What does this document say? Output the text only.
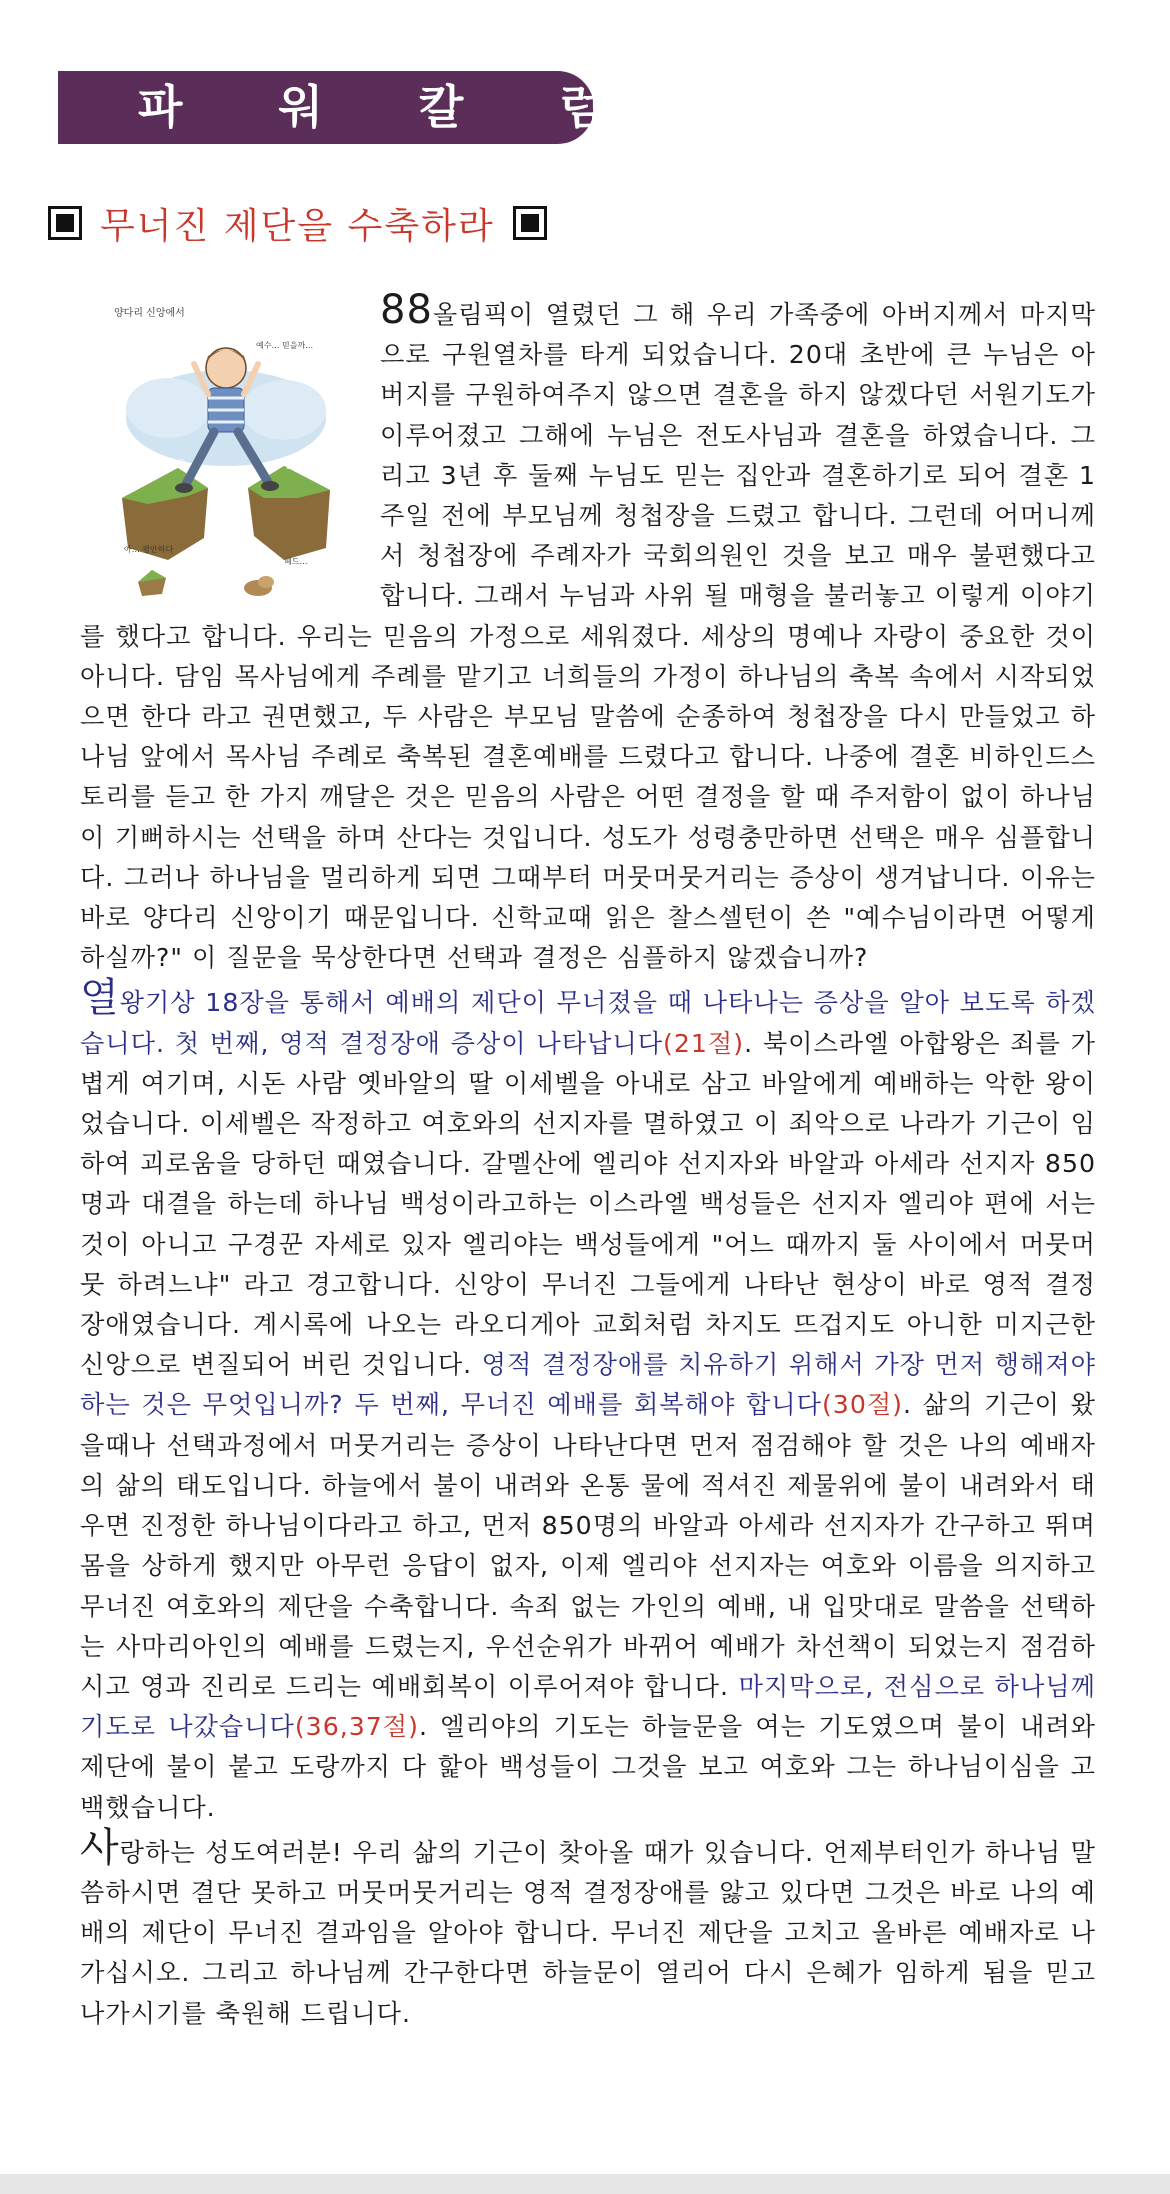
파 워 칼 럼
무너진 제단을 수축하라
양다리 신앙에서
예수… 믿을까…
믿음	죄
아… 평안하다
헤드…

88올림픽이 열렸던 그 해 우리 가족중에 아버지께서 마지막으로 구원열차를 타게 되었습니다. 20대 초반에 큰 누님은 아버지를 구원하여주지 않으면 결혼을 하지 않겠다던 서원기도가 이루어졌고 그해에 누님은 전도사님과 결혼을 하였습니다. 그리고 3년 후 둘째 누님도 믿는 집안과 결혼하기로 되어 결혼 1주일 전에 부모님께 청첩장을 드렸고 합니다. 그런데 어머니께서 청첩장에 주례자가 국회의원인 것을 보고 매우 불편했다고 합니다. 그래서 누님과 사위 될 매형을 불러놓고 이렇게 이야기를 했다고 합니다. 우리는 믿음의 가정으로 세워졌다. 세상의 명예나 자랑이 중요한 것이 아니다. 담임 목사님에게 주례를 맡기고 너희들의 가정이 하나님의 축복 속에서 시작되었으면 한다 라고 권면했고, 두 사람은 부모님 말씀에 순종하여 청첩장을 다시 만들었고 하나님 앞에서 목사님 주례로 축복된 결혼예배를 드렸다고 합니다. 나중에 결혼 비하인드스토리를 듣고 한 가지 깨달은 것은 믿음의 사람은 어떤 결정을 할 때 주저함이 없이 하나님이 기뻐하시는 선택을 하며 산다는 것입니다. 성도가 성령충만하면 선택은 매우 심플합니다. 그러나 하나님을 멀리하게 되면 그때부터 머뭇머뭇거리는 증상이 생겨납니다. 이유는 바로 양다리 신앙이기 때문입니다. 신학교때 읽은 찰스셀턴이 쓴 "예수님이라면 어떻게 하실까?" 이 질문을 묵상한다면 선택과 결정은 심플하지 않겠습니까?

열왕기상 18장을 통해서 예배의 제단이 무너졌을 때 나타나는 증상을 알아 보도록 하겠습니다. 첫 번째, 영적 결정장애 증상이 나타납니다(21절). 북이스라엘 아합왕은 죄를 가볍게 여기며, 시돈 사람 옛바알의 딸 이세벨을 아내로 삼고 바알에게 예배하는 악한 왕이었습니다. 이세벨은 작정하고 여호와의 선지자를 멸하였고 이 죄악으로 나라가 기근이 임하여 괴로움을 당하던 때였습니다. 갈멜산에 엘리야 선지자와 바알과 아세라 선지자 850명과 대결을 하는데 하나님 백성이라고하는 이스라엘 백성들은 선지자 엘리야 편에 서는 것이 아니고 구경꾼 자세로 있자 엘리야는 백성들에게 "어느 때까지 둘 사이에서 머뭇머뭇 하려느냐" 라고 경고합니다. 신앙이 무너진 그들에게 나타난 현상이 바로 영적 결정 장애였습니다. 계시록에 나오는 라오디게아 교회처럼 차지도 뜨겁지도 아니한 미지근한 신앙으로 변질되어 버린 것입니다. 영적 결정장애를 치유하기 위해서 가장 먼저 행해져야 하는 것은 무엇입니까? 두 번째, 무너진 예배를 회복해야 합니다(30절). 삶의 기근이 왔을때나 선택과정에서 머뭇거리는 증상이 나타난다면 먼저 점검해야 할 것은 나의 예배자의 삶의 태도입니다. 하늘에서 불이 내려와 온통 물에 적셔진 제물위에 불이 내려와서 태우면 진정한 하나님이다라고 하고, 먼저 850명의 바알과 아세라 선지자가 간구하고 뛰며 몸을 상하게 했지만 아무런 응답이 없자, 이제 엘리야 선지자는 여호와 이름을 의지하고 무너진 여호와의 제단을 수축합니다. 속죄 없는 가인의 예배, 내 입맛대로 말씀을 선택하는 사마리아인의 예배를 드렸는지, 우선순위가 바뀌어 예배가 차선책이 되었는지 점검하시고 영과 진리로 드리는 예배회복이 이루어져야 합니다. 마지막으로, 전심으로 하나님께 기도로 나갔습니다(36,37절). 엘리야의 기도는 하늘문을 여는 기도였으며 불이 내려와 제단에 불이 붙고 도랑까지 다 핥아 백성들이 그것을 보고 여호와 그는 하나님이심을 고백했습니다.

사랑하는 성도여러분! 우리 삶의 기근이 찾아올 때가 있습니다. 언제부터인가 하나님 말씀하시면 결단 못하고 머뭇머뭇거리는 영적 결정장애를 앓고 있다면 그것은 바로 나의 예배의 제단이 무너진 결과임을 알아야 합니다. 무너진 제단을 고치고 올바른 예배자로 나가십시오. 그리고 하나님께 간구한다면 하늘문이 열리어 다시 은혜가 임하게 됨을 믿고 나가시기를 축원해 드립니다.
